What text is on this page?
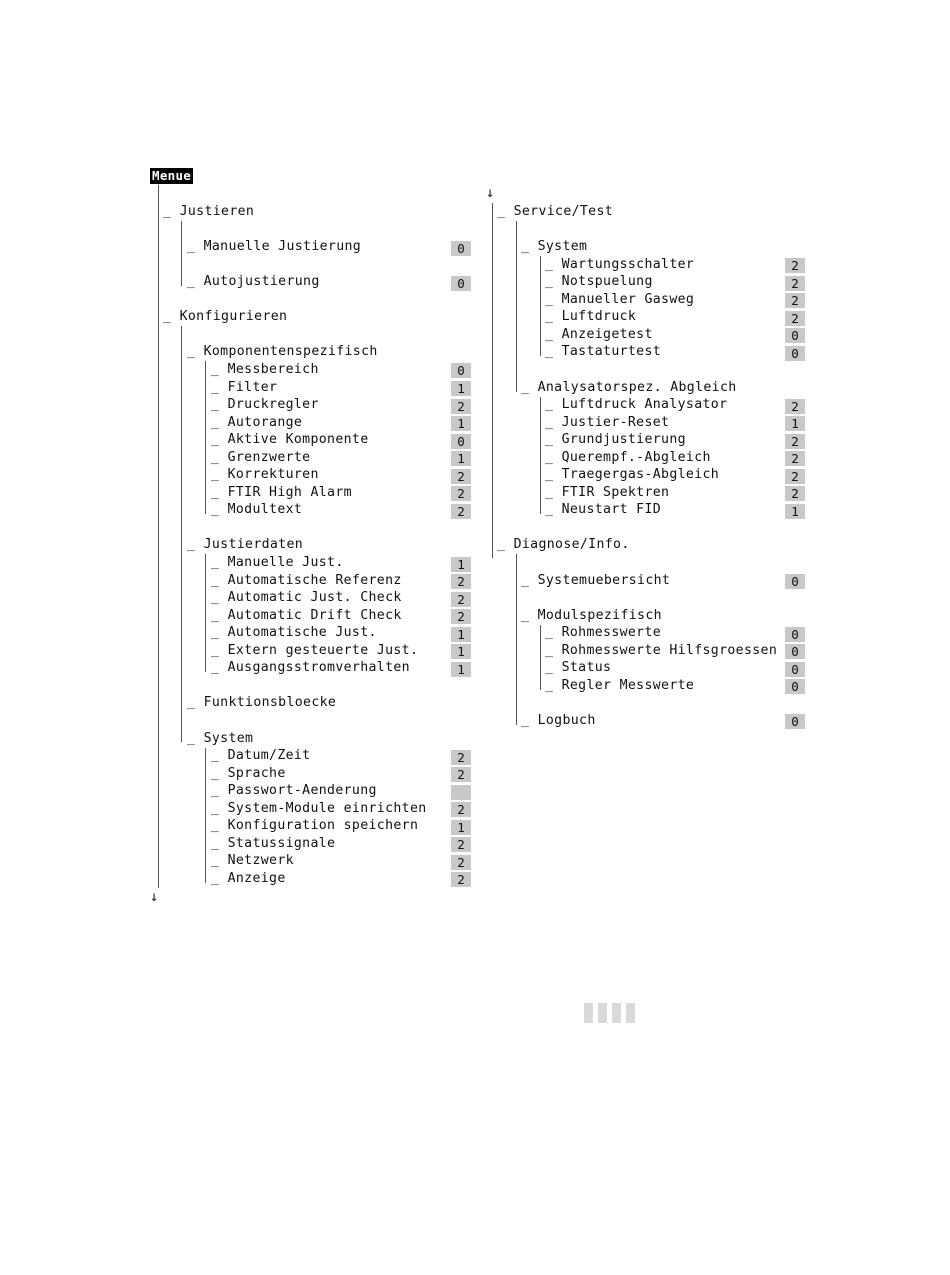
Menue
_ Justieren
_ Manuelle Justierung	0
_ Autojustierung	0
_ Konfigurieren
_ Komponentenspezifisch
_ Messbereich	0
_ Filter	1
_ Druckregler	2
_ Autorange	1
_ Aktive Komponente	0
_ Grenzwerte	1
_ Korrekturen	2
_ FTIR High Alarm	2
_ Modultext	2
_ Justierdaten
_ Manuelle Just.	1
_ Automatische Referenz	2
_ Automatic Just. Check	2
_ Automatic Drift Check	2
_ Automatische Just.	1
_ Extern gesteuerte Just.	1
_ Ausgangsstromverhalten	1
_ Funktionsbloecke
_ System
_ Datum/Zeit	2
_ Sprache	2
_ Passwort-Aenderung
_ System-Module einrichten	2
_ Konfiguration speichern	1
_ Statussignale	2
_ Netzwerk	2
_ Anzeige	2
_ Service/Test
_ System
_ Wartungsschalter	2
_ Notspuelung	2
_ Manueller Gasweg	2
_ Luftdruck	2
_ Anzeigetest	0
_ Tastaturtest	0
_ Analysatorspez. Abgleich
_ Luftdruck Analysator	2
_ Justier-Reset	1
_ Grundjustierung	2
_ Querempf.-Abgleich	2
_ Traegergas-Abgleich	2
_ FTIR Spektren	2
_ Neustart FID	1
_ Diagnose/Info.
_ Systemuebersicht	0
_ Modulspezifisch
_ Rohmesswerte	0
_ Rohmesswerte Hilfsgroessen	0
_ Status	0
_ Regler Messwerte	0
_ Logbuch	0
↓
↓
